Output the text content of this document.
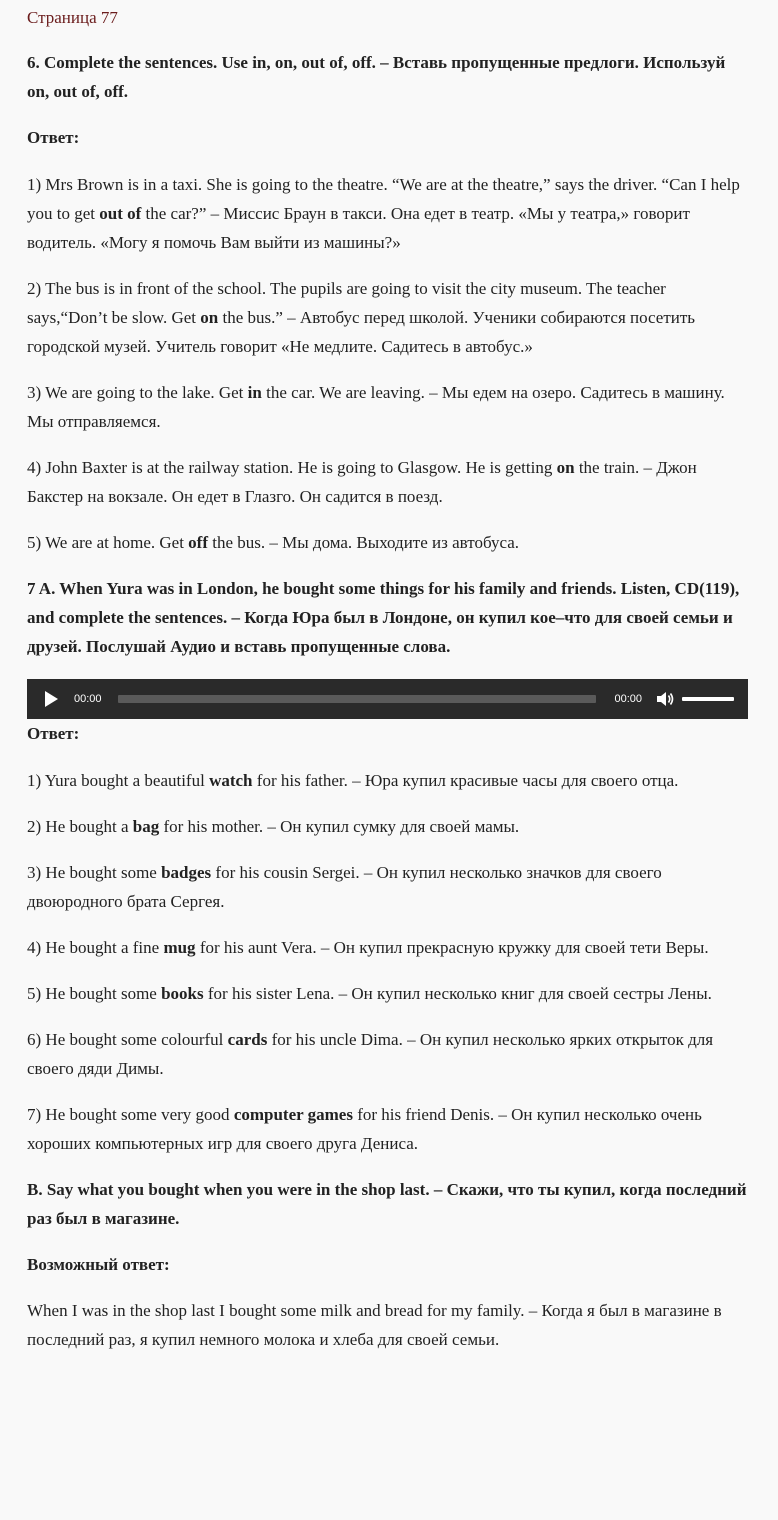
Страница 77

6. Complete the sentences. Use in, on, out of, off. – Вставь пропущенные предлоги. Используй on, out of, off.

Ответ:

1) Mrs Brown is in a taxi. She is going to the theatre. “We are at the theatre,” says the driver. “Can I help you to get out of the car?” – Миссис Браун в такси. Она едет в театр. «Мы у театра,» говорит водитель. «Могу я помочь Вам выйти из машины?»

2) The bus is in front of the school. The pupils are going to visit the city museum. The teacher says,“Don’t be slow. Get on the bus.” – Автобус перед школой. Ученики собираются посетить городской музей. Учитель говорит «Не медлите. Садитесь в автобус.»

3) We are going to the lake. Get in the car. We are leaving. – Мы едем на озеро. Садитесь в машину. Мы отправляемся.

4) John Baxter is at the railway station. He is going to Glasgow. He is getting on the train. – Джон Бакстер на вокзале. Он едет в Глазго. Он садится в поезд.

5) We are at home. Get off the bus. – Мы дома. Выходите из автобуса.

7 A. When Yura was in London, he bought some things for his family and friends. Listen, CD(119), and complete the sentences. – Когда Юра был в Лондоне, он купил кое–что для своей семьи и друзей. Послушай Аудио и вставь пропущенные слова.

00:00	00:00

Ответ:

1) Yura bought a beautiful watch for his father. – Юра купил красивые часы для своего отца.

2) He bought a bag for his mother. – Он купил сумку для своей мамы.

3) He bought some badges for his cousin Sergei. – Он купил несколько значков для своего двоюродного брата Сергея.

4) He bought a fine mug for his aunt Vera. – Он купил прекрасную кружку для своей тети Веры.

5) He bought some books for his sister Lena. – Он купил несколько книг для своей сестры Лены.

6) He bought some colourful cards for his uncle Dima. – Он купил несколько ярких открыток для своего дяди Димы.

7) He bought some very good computer games for his friend Denis. – Он купил несколько очень хороших компьютерных игр для своего друга Дениса.

B. Say what you bought when you were in the shop last. – Скажи, что ты купил, когда последний раз был в магазине.

Возможный ответ:

When I was in the shop last I bought some milk and bread for my family. – Когда я был в магазине в последний раз, я купил немного молока и хлеба для своей семьи.
